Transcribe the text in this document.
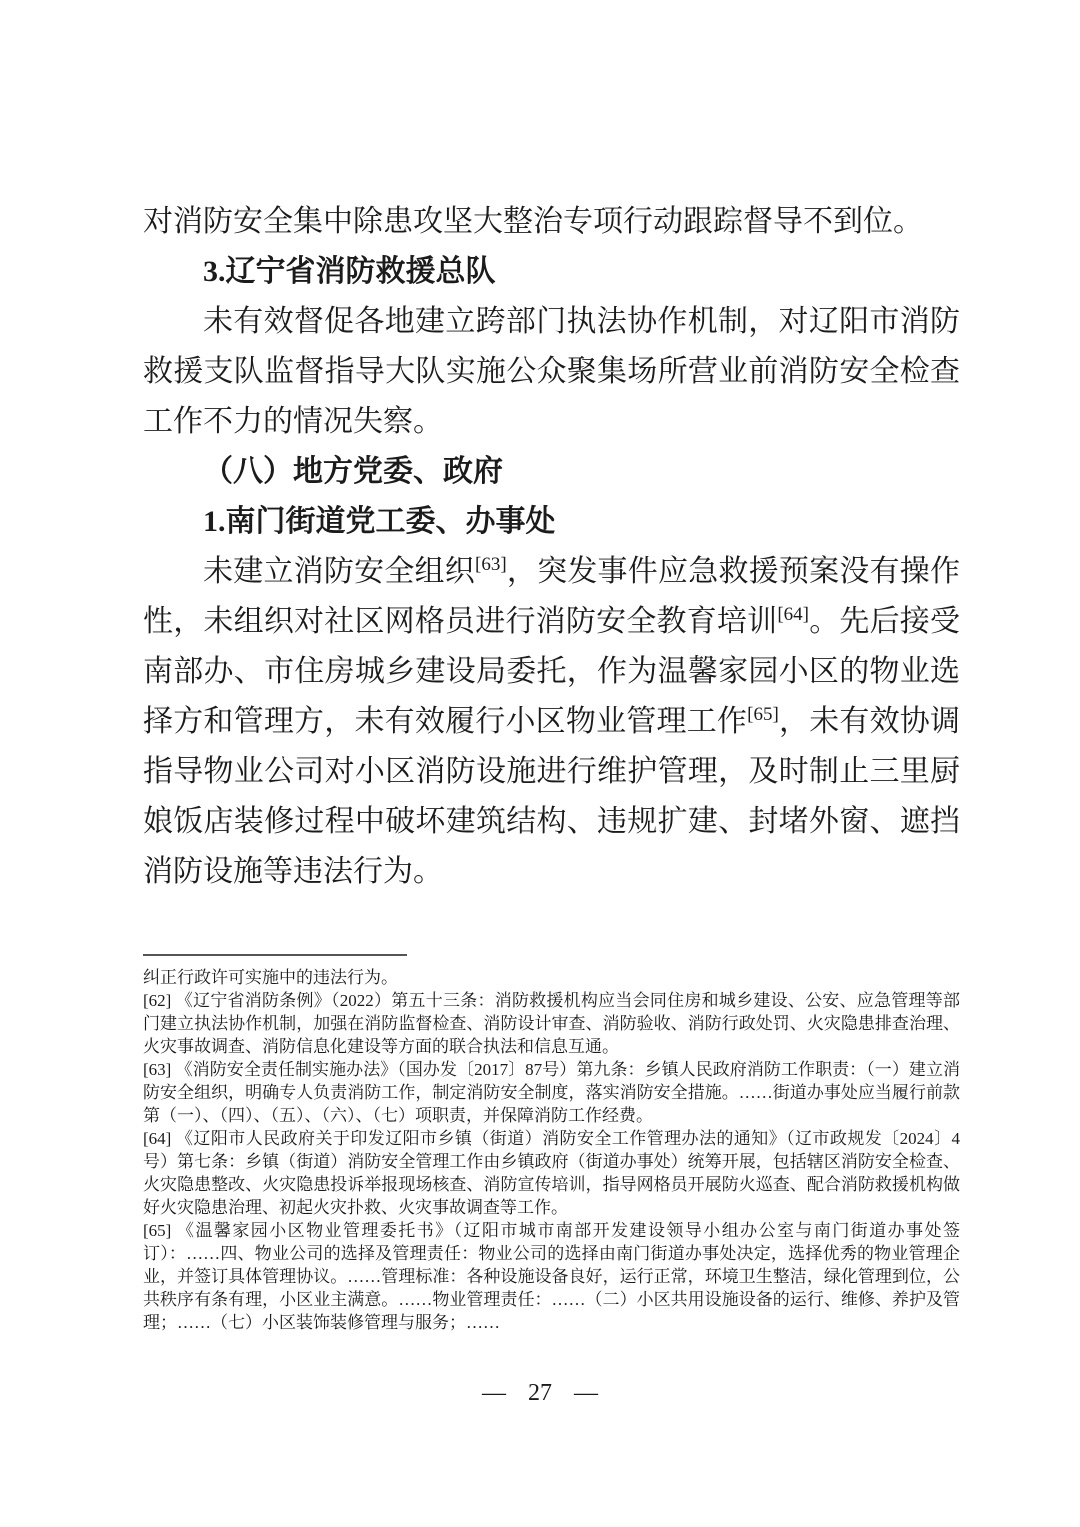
对消防安全集中除患攻坚大整治专项行动跟踪督导不到位。

3.辽宁省消防救援总队

未有效督促各地建立跨部门执法协作机制，对辽阳市消防救援支队监督指导大队实施公众聚集场所营业前消防安全检查工作不力的情况失察。

（八）地方党委、政府

1.南门街道党工委、办事处

未建立消防安全组织[63]，突发事件应急救援预案没有操作性，未组织对社区网格员进行消防安全教育培训[64]。先后接受南部办、市住房城乡建设局委托，作为温馨家园小区的物业选择方和管理方，未有效履行小区物业管理工作[65]，未有效协调指导物业公司对小区消防设施进行维护管理，及时制止三里厨娘饭店装修过程中破坏建筑结构、违规扩建、封堵外窗、遮挡消防设施等违法行为。

纠正行政许可实施中的违法行为。

[62] 《辽宁省消防条例》（2022）第五十三条：消防救援机构应当会同住房和城乡建设、公安、应急管理等部门建立执法协作机制，加强在消防监督检查、消防设计审查、消防验收、消防行政处罚、火灾隐患排查治理、火灾事故调查、消防信息化建设等方面的联合执法和信息互通。

[63] 《消防安全责任制实施办法》（国办发〔2017〕87号）第九条：乡镇人民政府消防工作职责：（一）建立消防安全组织，明确专人负责消防工作，制定消防安全制度，落实消防安全措施。……街道办事处应当履行前款第（一）、（四）、（五）、（六）、（七）项职责，并保障消防工作经费。

[64] 《辽阳市人民政府关于印发辽阳市乡镇（街道）消防安全工作管理办法的通知》（辽市政规发〔2024〕4号）第七条：乡镇（街道）消防安全管理工作由乡镇政府（街道办事处）统筹开展，包括辖区消防安全检查、火灾隐患整改、火灾隐患投诉举报现场核查、消防宣传培训，指导网格员开展防火巡查、配合消防救援机构做好火灾隐患治理、初起火灾扑救、火灾事故调查等工作。

[65] 《温馨家园小区物业管理委托书》（辽阳市城市南部开发建设领导小组办公室与南门街道办事处签订）：……四、物业公司的选择及管理责任：物业公司的选择由南门街道办事处决定，选择优秀的物业管理企业，并签订具体管理协议。……管理标准：各种设施设备良好，运行正常，环境卫生整洁，绿化管理到位，公共秩序有条有理，小区业主满意。……物业管理责任：……（二）小区共用设施设备的运行、维修、养护及管理；……（七）小区装饰装修管理与服务；……

— 27 —
